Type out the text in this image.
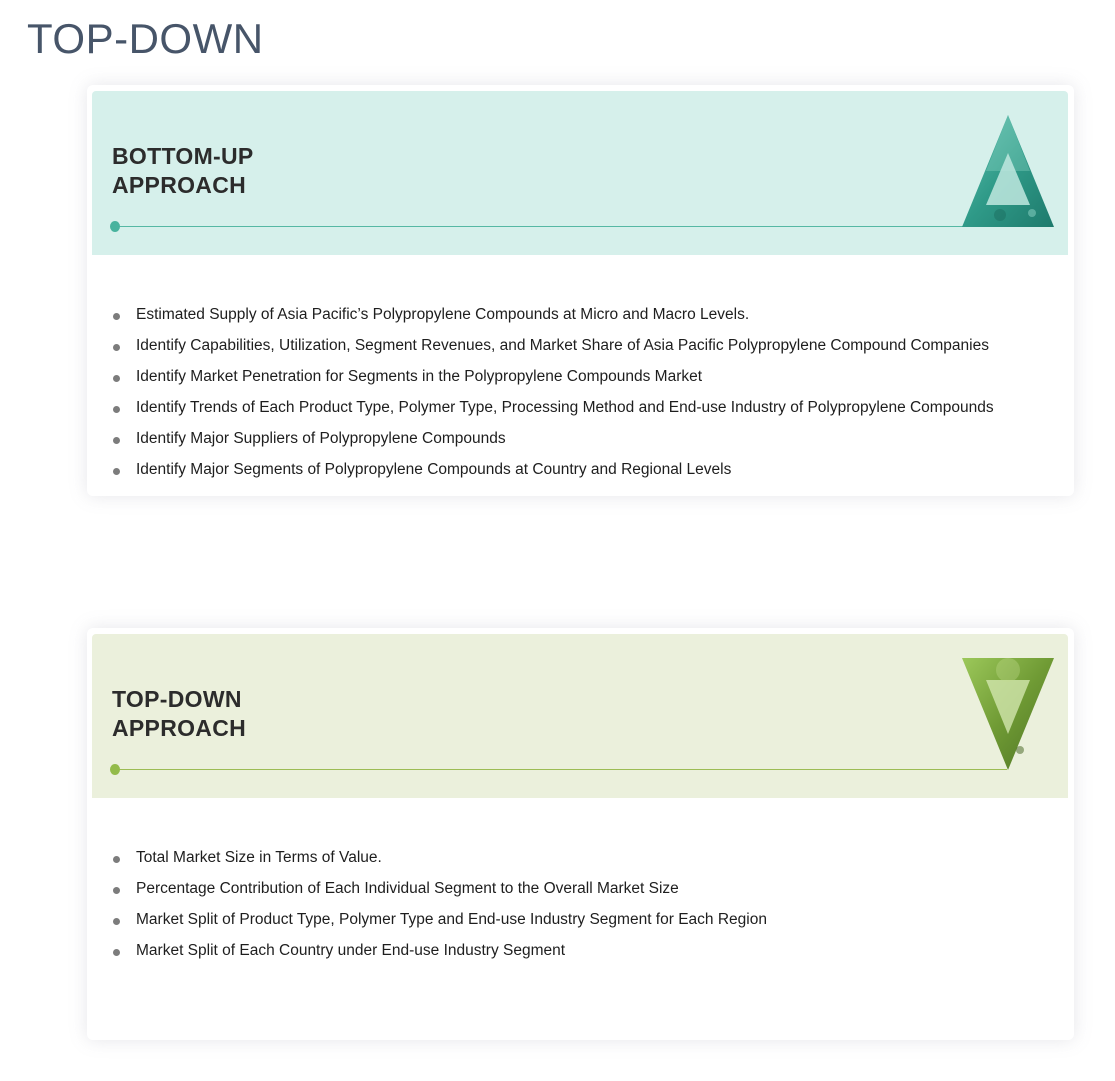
TOP-DOWN
BOTTOM-UP
APPROACH
Estimated Supply of Asia Pacific’s Polypropylene Compounds at Micro and Macro Levels.
Identify Capabilities, Utilization, Segment Revenues, and Market Share of Asia Pacific Polypropylene Compound Companies
Identify Market Penetration for Segments in the Polypropylene Compounds Market
Identify Trends of Each Product Type, Polymer Type, Processing Method and End-use Industry of Polypropylene Compounds
Identify Major Suppliers of Polypropylene Compounds
Identify Major Segments of Polypropylene Compounds at Country and Regional Levels
TOP-DOWN
APPROACH
Total Market Size in Terms of Value.
Percentage Contribution of Each Individual Segment to the Overall Market Size
Market Split of Product Type, Polymer Type and End-use Industry Segment for Each Region
Market Split of Each Country under End-use Industry Segment
